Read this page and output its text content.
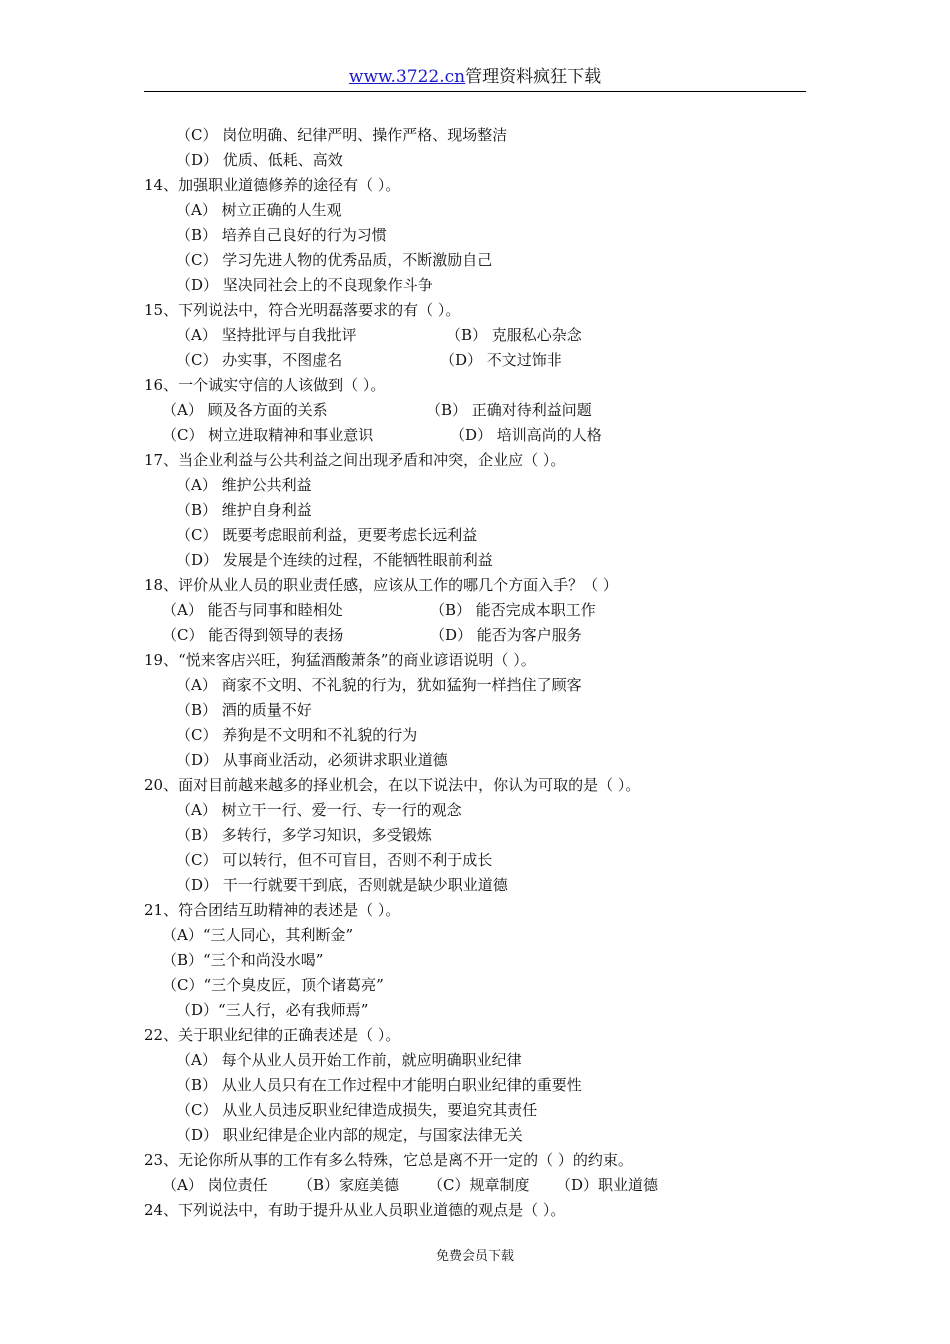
www.3722.cn管理资料疯狂下载
（C） 岗位明确、纪律严明、操作严格、现场整洁
（D） 优质、低耗、高效
14、加强职业道德修养的途径有（ ）。
（A） 树立正确的人生观
（B） 培养自己良好的行为习惯
（C） 学习先进人物的优秀品质，不断激励自己
（D） 坚决同社会上的不良现象作斗争
15、下列说法中，符合光明磊落要求的有（ ）。
（A） 坚持批评与自我批评	（B） 克服私心杂念
（C） 办实事，不图虚名	（D） 不文过饰非
16、一个诚实守信的人该做到（ ）。
（A） 顾及各方面的关系	（B） 正确对待利益问题
（C） 树立进取精神和事业意识	（D） 培训高尚的人格
17、当企业利益与公共利益之间出现矛盾和冲突，企业应（ ）。
（A） 维护公共利益
（B） 维护自身利益
（C） 既要考虑眼前利益，更要考虑长远利益
（D） 发展是个连续的过程，不能牺牲眼前利益
18、评价从业人员的职业责任感，应该从工作的哪几个方面入手？（ ）
（A） 能否与同事和睦相处	（B） 能否完成本职工作
（C） 能否得到领导的表扬	（D） 能否为客户服务
19、“悦来客店兴旺，狗猛酒酸萧条”的商业谚语说明（ ）。
（A） 商家不文明、不礼貌的行为，犹如猛狗一样挡住了顾客
（B） 酒的质量不好
（C） 养狗是不文明和不礼貌的行为
（D） 从事商业活动，必须讲求职业道德
20、面对目前越来越多的择业机会，在以下说法中，你认为可取的是（ ）。
（A） 树立干一行、爱一行、专一行的观念
（B） 多转行，多学习知识，多受锻炼
（C） 可以转行，但不可盲目，否则不利于成长
（D） 干一行就要干到底，否则就是缺少职业道德
21、符合团结互助精神的表述是（ ）。
（A）“三人同心，其利断金”
（B）“三个和尚没水喝”
（C）“三个臭皮匠，顶个诸葛亮”
（D）“三人行，必有我师焉”
22、关于职业纪律的正确表述是（ ）。
（A） 每个从业人员开始工作前，就应明确职业纪律
（B） 从业人员只有在工作过程中才能明白职业纪律的重要性
（C） 从业人员违反职业纪律造成损失，要追究其责任
（D） 职业纪律是企业内部的规定，与国家法律无关
23、无论你所从事的工作有多么特殊，它总是离不开一定的（ ）的约束。
（A） 岗位责任 （B）家庭美德 （C）规章制度 （D）职业道德
24、下列说法中，有助于提升从业人员职业道德的观点是（ ）。
免费会员下载
